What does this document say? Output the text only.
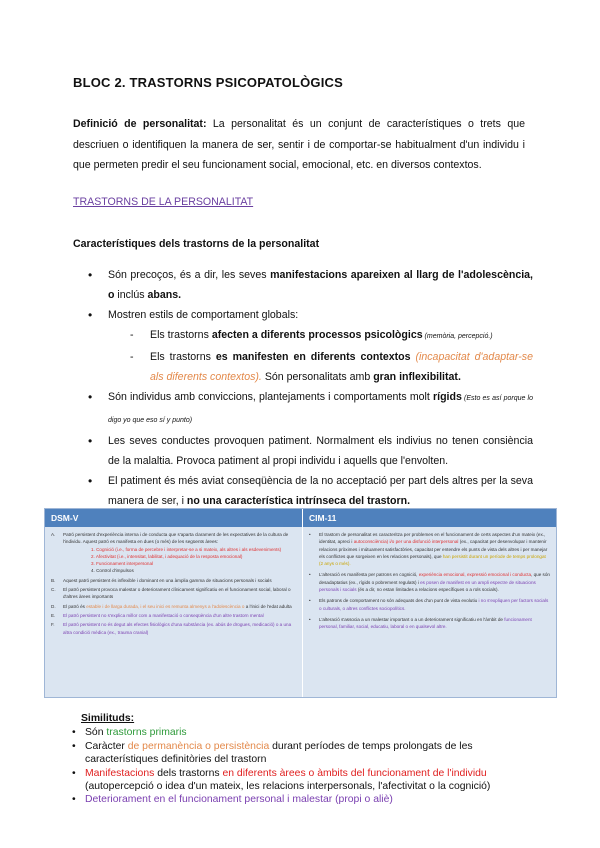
BLOC 2. TRASTORNS PSICOPATOLÒGICS
Definició de personalitat: La personalitat és un conjunt de característiques o trets que descriuen o identifiquen la manera de ser, sentir i de comportar-se habitualment d'un individu i que permeten predir el seu funcionament social, emocional, etc. en diversos contextos.
TRASTORNS DE LA PERSONALITAT
Característiques dels trastorns de la personalitat
• Són precoços, és a dir, les seves manifestacions apareixen al llarg de l'adolescència, o inclús abans.
• Mostren estils de comportament globals:
- Els trastorns afecten a diferents processos psicològics (memòria, percepció.)
- Els trastorns es manifesten en diferents contextos (incapacitat d'adaptar-se als diferents contextos). Són personalitats amb gran inflexibilitat.
• Són individus amb conviccions, plantejaments i comportaments molt rígids (Esto es así porque lo digo yo que eso sí y punto)
• Les seves conductes provoquen patiment. Normalment els indivius no tenen consiència de la malaltia. Provoca patiment al propi individu i aquells que l'envolten.
• El patiment és més aviat conseqüència de la no acceptació per part dels altres per la seva manera de ser, i no una característica intrínseca del trastorn.
DSM-V	CIM-11
A.	Patró persistent d'experiència interna i de conducta que s'aparta clarament de les expectatives de la cultura de l'individu. Aquest patró es manifesta en dues (o més) de les següents àrees:
1. Cognició (i.e., forma de percebre i interpretar-se a si mateix, als altres i als esdeveniments)
2. Afectivitat (i.e., intensitat, labilitat, i adequació de la resposta emocional)
3. Funcionament interpersonal
4. Control d'impulsos
B.	Aquest patró persistent és inflexible i dominant en una àmplia gamma de situacions personals i socials
C.	El patró persistent provoca malestar o deteriorament clínicament significatiu en el funcionament social, laboral o d'altres àrees importants
D.	El patró és estable i de llarga durada, i el seu inici es remunta almenys a l'adolescència o a l'inici de l'edat adulta
E.	El patró persistent no s'explica millor com a manifestació o conseqüència d'un altre trastorn mental
F.	El patró persistent no és degut als efectes fisiològics d'una substància (ex. abús de drogues, medicació) o a una altra condició mèdica (ex., trauma cranial)
•	El trastorn de personalitat es caracteritza per problemes en el funcionament de certs aspectes d'un mateix (ex., identitat, apreci i autoconsciència) i/o per una disfunció interpersonal (ex., capacitat per desenvolupar i mantenir relacions pròximes i mútuament satisfactòries, capacitat per entendre els punts de vista dels altres i per manejar els conflictes que sorgeixen en les relacions personals), que han persistit durant un període de temps prolongat (2 anys o més).
•	L'alteració es manifesta per patrons en cognició, experiència emocional, expressió emocional i conducta, que són desadaptatius (ex., rígids o pobrement regulats) i es posen de manifest en un ampli espectre de situacions personals i socials (és a dir, no estan limitades a relacions específiques o a rols socials).
•	Els patrons de comportament no són adequats des d'un punt de vista evolutiu i no s'expliquen per factors socials o culturals, o altres conflictes sociopolítics.
•	L'alteració s'associa a un malestar important o a un deteriorament significatiu en l'àmbit de funcionament personal, familiar, social, educatiu, laboral o en qualsevol altre.
Similituds:
• Són trastorns primaris
• Caràcter de permanència o persistència durant períodes de temps prolongats de les característiques definitòries del trastorn
• Manifestacions dels trastorns en diferents àrees o àmbits del funcionament de l'individu (autopercepció o idea d'un mateix, les relacions interpersonals, l'afectivitat o la cognició)
• Deteriorament en el funcionament personal i malestar (propi o aliè)
